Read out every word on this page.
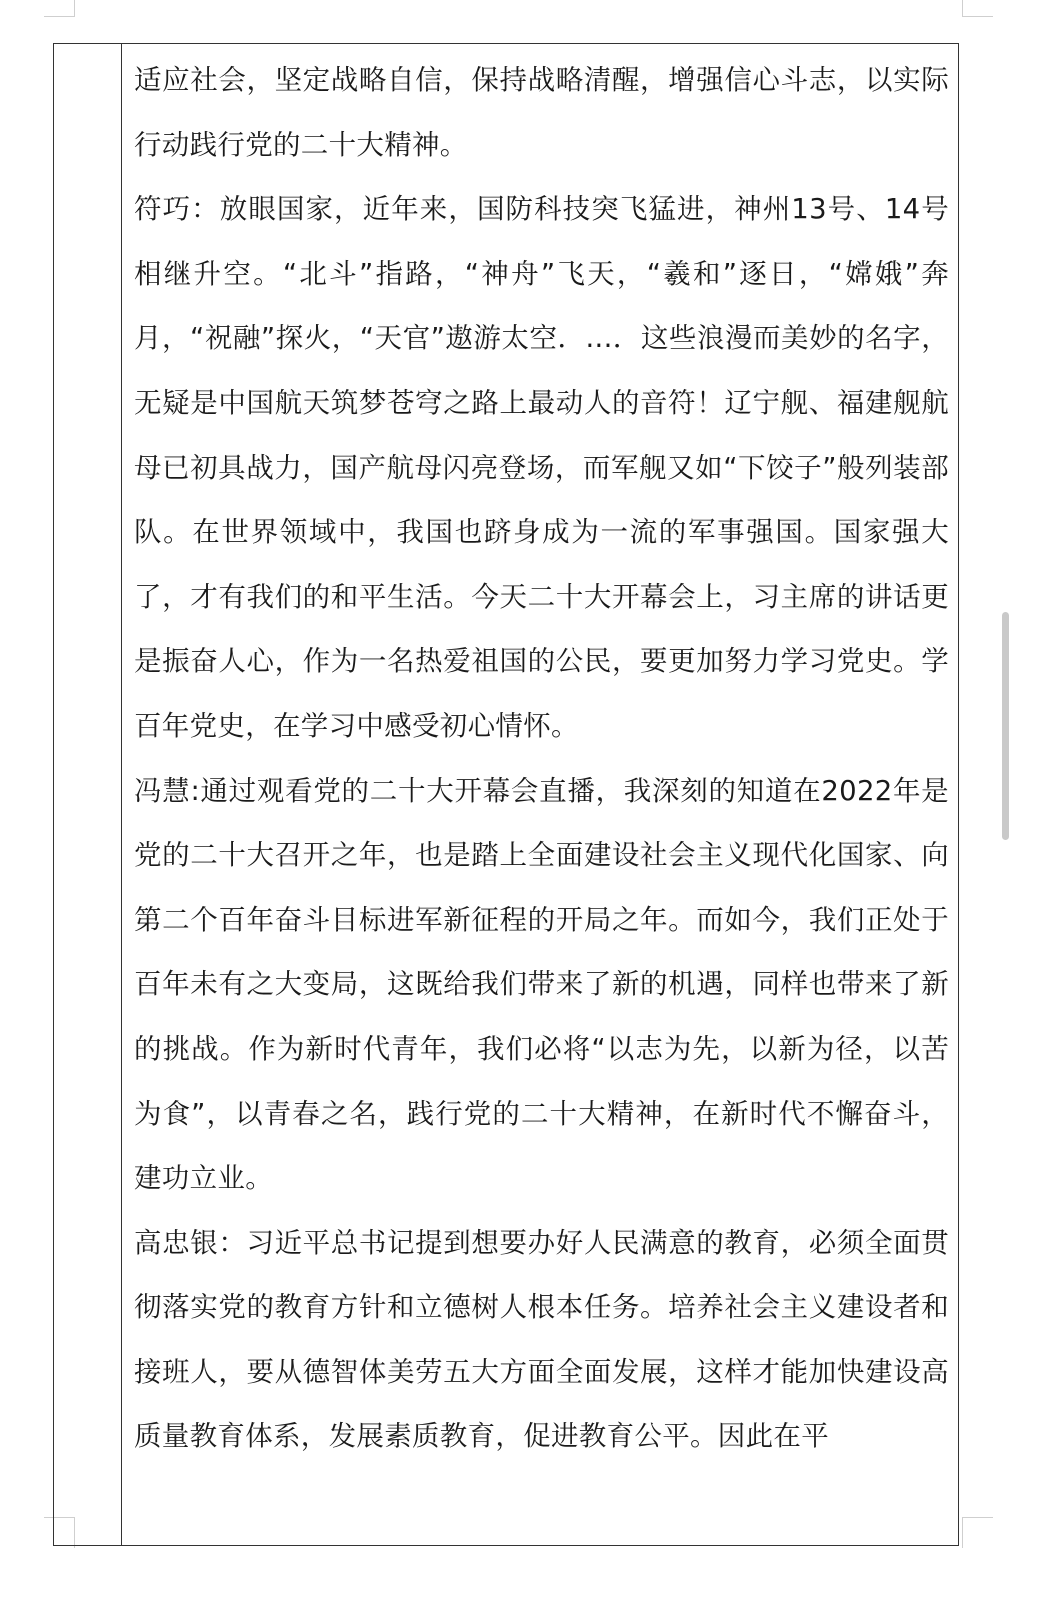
适应社会，坚定战略自信，保持战略清醒，增强信心斗志，以实际行动践行党的二十大精神。

符巧：放眼国家，近年来，国防科技突飞猛进，神州13号、14号相继升空。“北斗”指路，“神舟”飞天，“羲和”逐日，“嫦娥”奔月，“祝融”探火，“天官”遨游太空．...．这些浪漫而美妙的名字，无疑是中国航天筑梦苍穹之路上最动人的音符！辽宁舰、福建舰航母已初具战力，国产航母闪亮登场，而军舰又如“下饺子”般列装部队。在世界领域中，我国也跻身成为一流的军事强国。国家强大了，才有我们的和平生活。今天二十大开幕会上，习主席的讲话更是振奋人心，作为一名热爱祖国的公民，要更加努力学习党史。学百年党史，在学习中感受初心情怀。

冯慧:通过观看党的二十大开幕会直播，我深刻的知道在2022年是党的二十大召开之年，也是踏上全面建设社会主义现代化国家、向第二个百年奋斗目标进军新征程的开局之年。而如今，我们正处于百年未有之大变局，这既给我们带来了新的机遇，同样也带来了新的挑战。作为新时代青年，我们必将“以志为先，以新为径，以苦为食”，以青春之名，践行党的二十大精神，在新时代不懈奋斗，建功立业。

高忠银：习近平总书记提到想要办好人民满意的教育，必须全面贯彻落实党的教育方针和立德树人根本任务。培养社会主义建设者和接班人，要从德智体美劳五大方面全面发展，这样才能加快建设高质量教育体系，发展素质教育，促进教育公平。因此在平
